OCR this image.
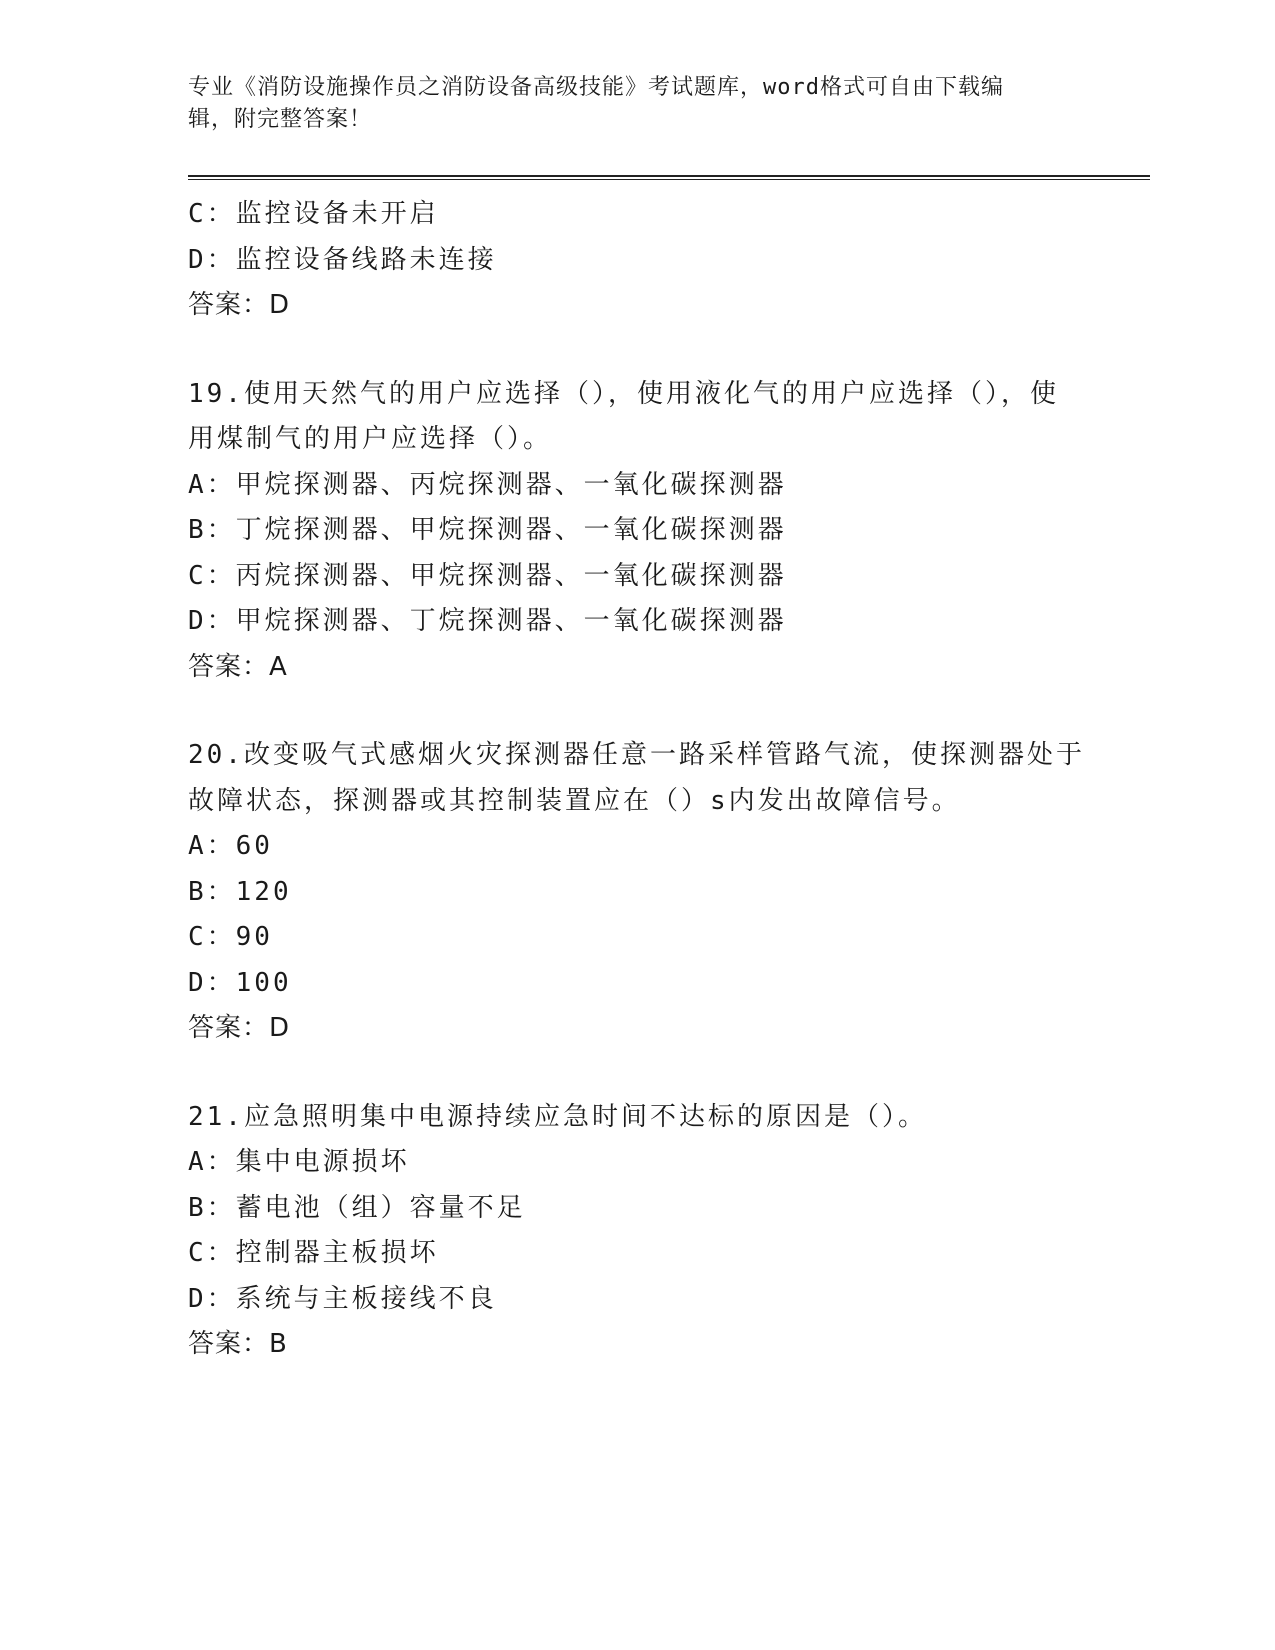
专业《消防设施操作员之消防设备高级技能》考试题库，word格式可自由下载编
辑，附完整答案！
C：监控设备未开启
D：监控设备线路未连接
答案：D
19.使用天然气的用户应选择（），使用液化气的用户应选择（），使
用煤制气的用户应选择（）。
A：甲烷探测器、丙烷探测器、一氧化碳探测器
B：丁烷探测器、甲烷探测器、一氧化碳探测器
C：丙烷探测器、甲烷探测器、一氧化碳探测器
D：甲烷探测器、丁烷探测器、一氧化碳探测器
答案：A
20.改变吸气式感烟火灾探测器任意一路采样管路气流，使探测器处于
故障状态，探测器或其控制装置应在（）s内发出故障信号。
A：60
B：120
C：90
D：100
答案：D
21.应急照明集中电源持续应急时间不达标的原因是（）。
A：集中电源损坏
B：蓄电池（组）容量不足
C：控制器主板损坏
D：系统与主板接线不良
答案：B
